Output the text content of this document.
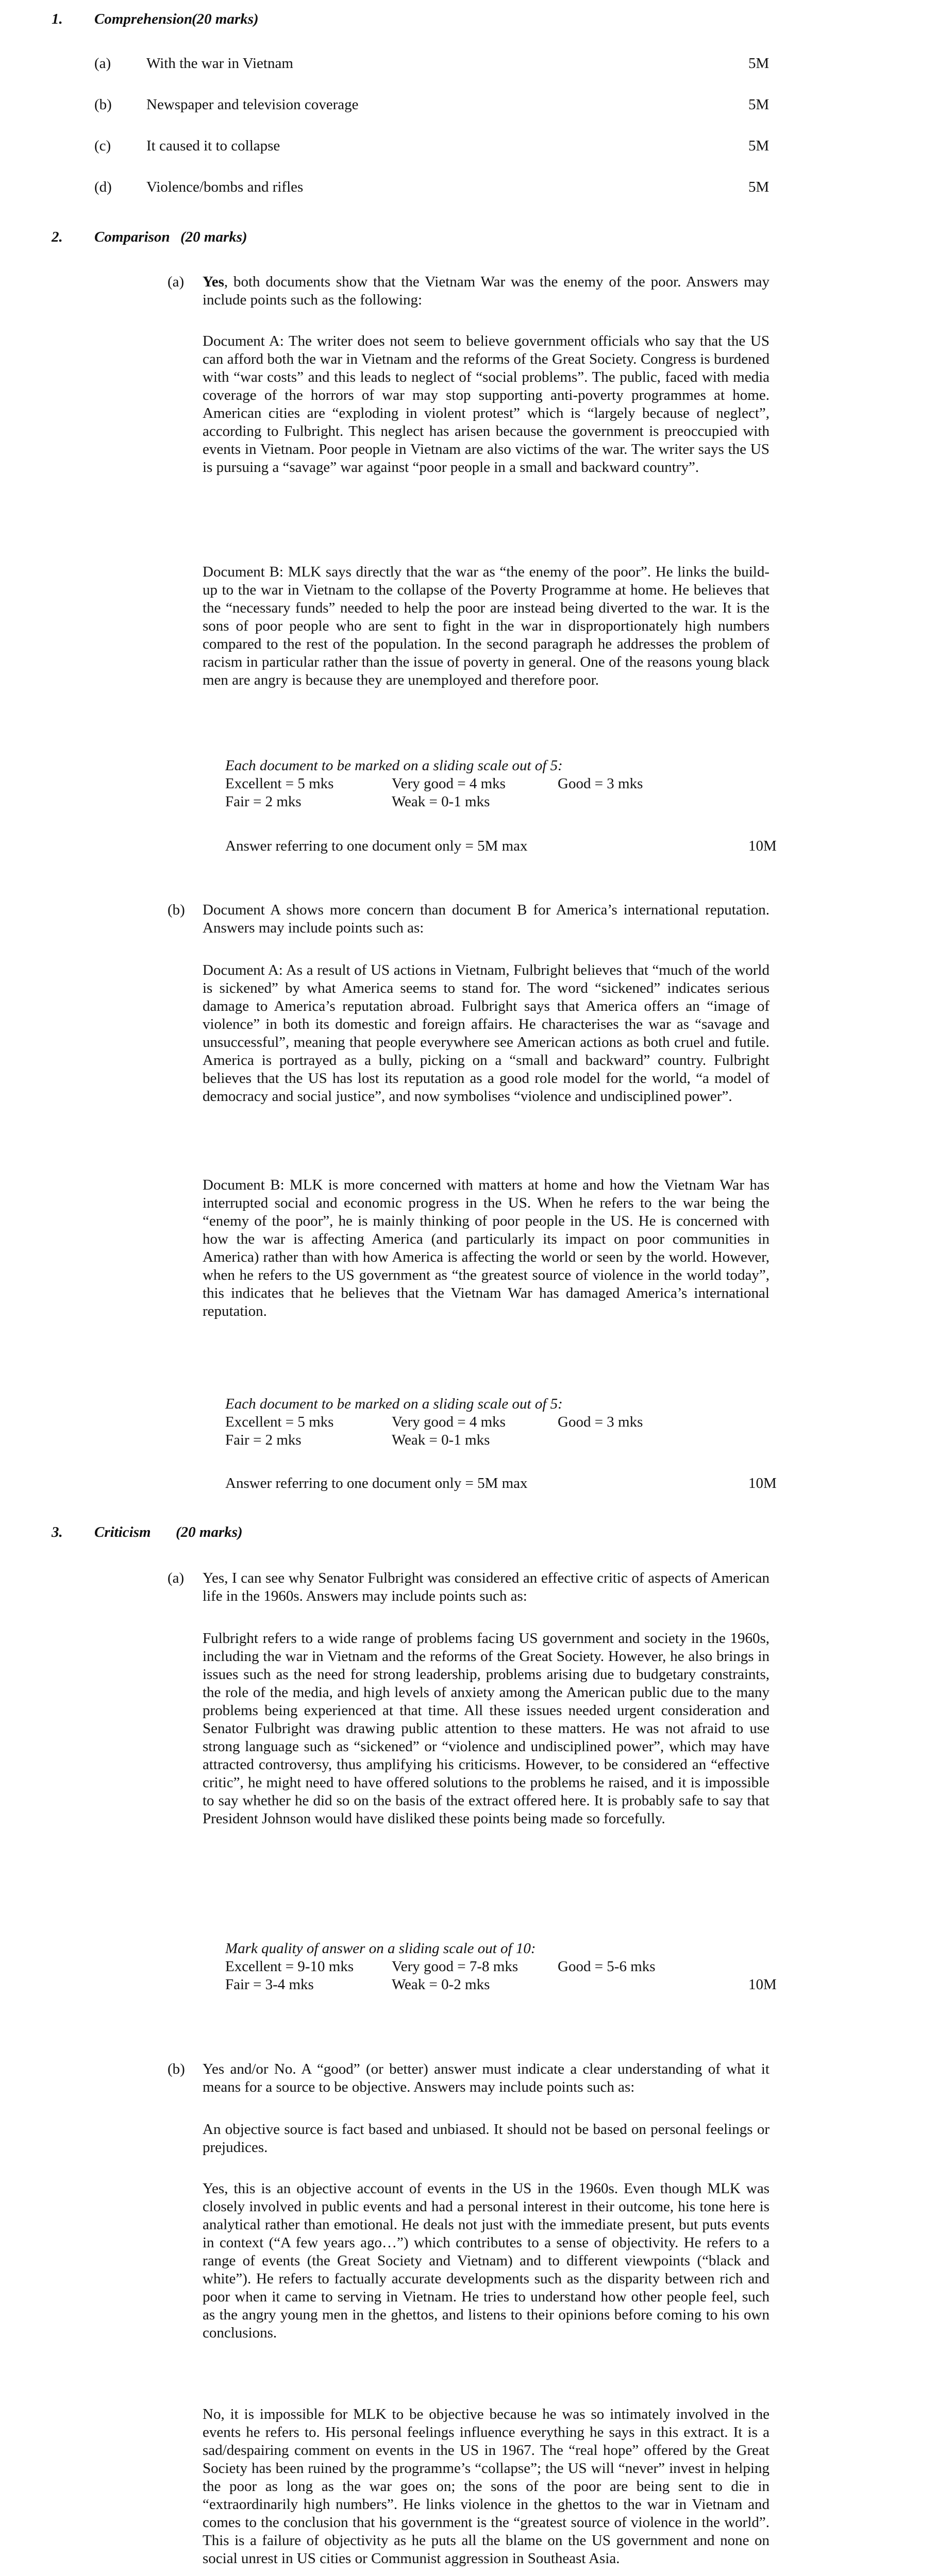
1. Comprehension
(20 marks)
(a) With the war in Vietnam	5M
(b) Newspaper and television coverage	5M
(c) It caused it to collapse	5M
(d) Violence/bombs and rifles	5M
2. Comparison (20 marks)
(a) Yes, both documents show that the Vietnam War was the enemy of the poor. Answers may include points such as the following:

Document A: The writer does not seem to believe government officials who say that the US can afford both the war in Vietnam and the reforms of the Great Society. Congress is burdened with “war costs” and this leads to neglect of “social problems”. The public, faced with media coverage of the horrors of war may stop supporting anti-poverty programmes at home. American cities are “exploding in violent protest” which is “largely because of neglect”, according to Fulbright. This neglect has arisen because the government is preoccupied with events in Vietnam. Poor people in Vietnam are also victims of the war. The writer says the US is pursuing a “savage” war against “poor people in a small and backward country”.

Document B: MLK says directly that the war as “the enemy of the poor”. He links the build-up to the war in Vietnam to the collapse of the Poverty Programme at home. He believes that the “necessary funds” needed to help the poor are instead being diverted to the war. It is the sons of poor people who are sent to fight in the war in disproportionately high numbers compared to the rest of the population. In the second paragraph he addresses the problem of racism in particular rather than the issue of poverty in general. One of the reasons young black men are angry is because they are unemployed and therefore poor.

Each document to be marked on a sliding scale out of 5:
Excellent = 5 mks	Very good = 4 mks	Good = 3 mks
Fair = 2 mks	Weak = 0-1 mks
Answer referring to one document only = 5M max	10M
(b) Document A shows more concern than document B for America’s international reputation. Answers may include points such as:

Document A: As a result of US actions in Vietnam, Fulbright believes that “much of the world is sickened” by what America seems to stand for. The word “sickened” indicates serious damage to America’s reputation abroad. Fulbright says that America offers an “image of violence” in both its domestic and foreign affairs. He characterises the war as “savage and unsuccessful”, meaning that people everywhere see American actions as both cruel and futile. America is portrayed as a bully, picking on a “small and backward” country. Fulbright believes that the US has lost its reputation as a good role model for the world, “a model of democracy and social justice”, and now symbolises “violence and undisciplined power”.

Document B: MLK is more concerned with matters at home and how the Vietnam War has interrupted social and economic progress in the US. When he refers to the war being the “enemy of the poor”, he is mainly thinking of poor people in the US. He is concerned with how the war is affecting America (and particularly its impact on poor communities in America) rather than with how America is affecting the world or seen by the world. However, when he refers to the US government as “the greatest source of violence in the world today”, this indicates that he believes that the Vietnam War has damaged America’s international reputation.

Each document to be marked on a sliding scale out of 5:
Excellent = 5 mks	Very good = 4 mks	Good = 3 mks
Fair = 2 mks	Weak = 0-1 mks
Answer referring to one document only = 5M max	10M
3. Criticism (20 marks)
(a) Yes, I can see why Senator Fulbright was considered an effective critic of aspects of American life in the 1960s. Answers may include points such as:

Fulbright refers to a wide range of problems facing US government and society in the 1960s, including the war in Vietnam and the reforms of the Great Society. However, he also brings in issues such as the need for strong leadership, problems arising due to budgetary constraints, the role of the media, and high levels of anxiety among the American public due to the many problems being experienced at that time. All these issues needed urgent consideration and Senator Fulbright was drawing public attention to these matters. He was not afraid to use strong language such as “sickened” or “violence and undisciplined power”, which may have attracted controversy, thus amplifying his criticisms. However, to be considered an “effective critic”, he might need to have offered solutions to the problems he raised, and it is impossible to say whether he did so on the basis of the extract offered here. It is probably safe to say that President Johnson would have disliked these points being made so forcefully.

Mark quality of answer on a sliding scale out of 10:
Excellent = 9-10 mks	Very good = 7-8 mks	Good = 5-6 mks
Fair = 3-4 mks	Weak = 0-2 mks	10M
(b) Yes and/or No. A “good” (or better) answer must indicate a clear understanding of what it means for a source to be objective. Answers may include points such as:

An objective source is fact based and unbiased. It should not be based on personal feelings or prejudices.

Yes, this is an objective account of events in the US in the 1960s. Even though MLK was closely involved in public events and had a personal interest in their outcome, his tone here is analytical rather than emotional. He deals not just with the immediate present, but puts events in context (“A few years ago…”) which contributes to a sense of objectivity. He refers to a range of events (the Great Society and Vietnam) and to different viewpoints (“black and white”). He refers to factually accurate developments such as the disparity between rich and poor when it came to serving in Vietnam. He tries to understand how other people feel, such as the angry young men in the ghettos, and listens to their opinions before coming to his own conclusions.

No, it is impossible for MLK to be objective because he was so intimately involved in the events he refers to. His personal feelings influence everything he says in this extract. It is a sad/despairing comment on events in the US in 1967. The “real hope” offered by the Great Society has been ruined by the programme’s “collapse”; the US will “never” invest in helping the poor as long as the war goes on; the sons of the poor are being sent to die in “extraordinarily high numbers”. He links violence in the ghettos to the war in Vietnam and comes to the conclusion that his government is the “greatest source of violence in the world”. This is a failure of objectivity as he puts all the blame on the US government and none on social unrest in US cities or Communist aggression in Southeast Asia.
